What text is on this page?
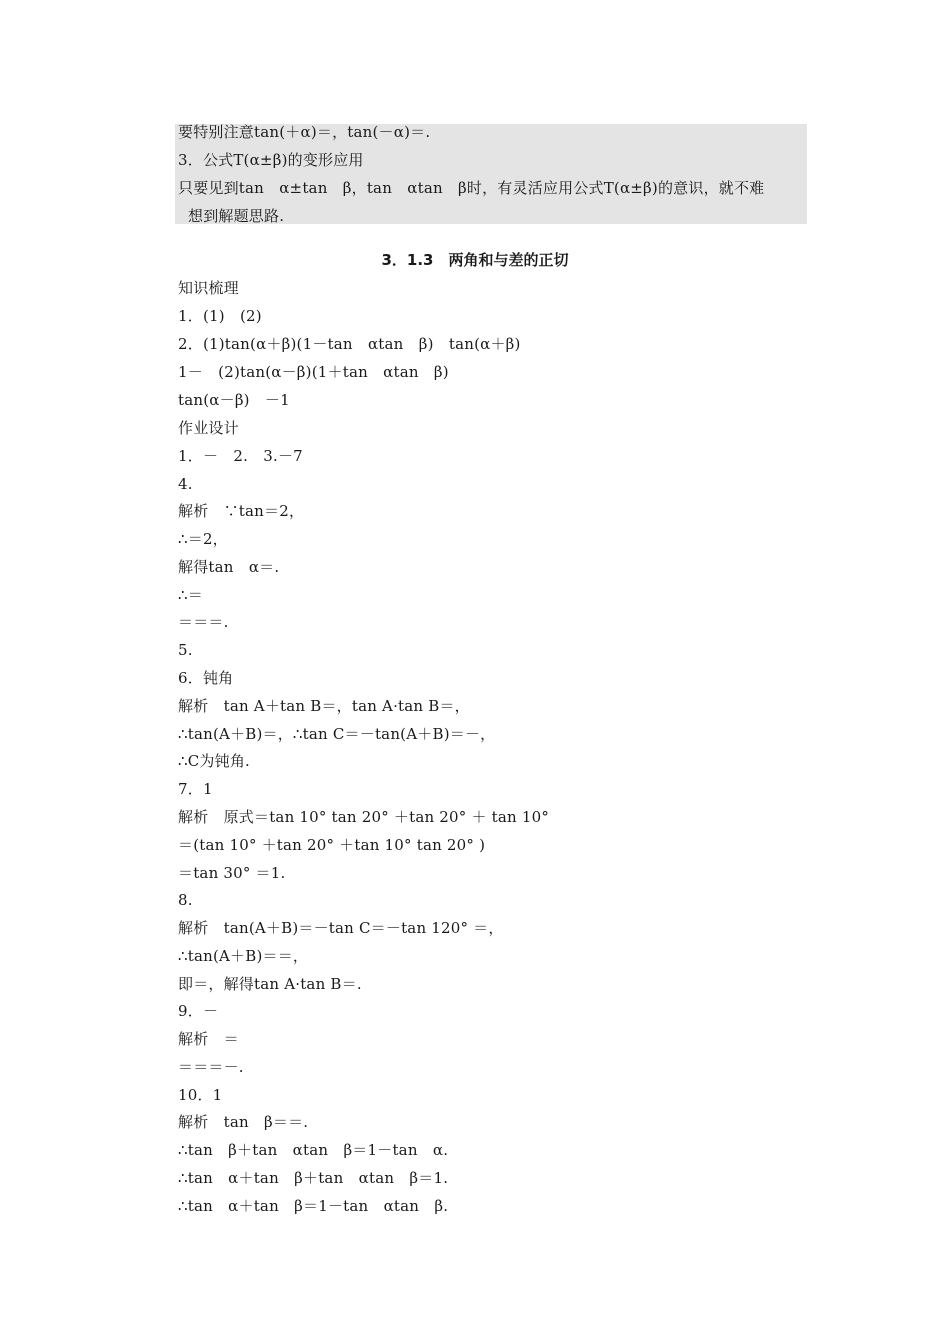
要特别注意tan(＋α)＝，tan(－α)＝.
3．公式T(α±β)的变形应用
只要见到tan　α±tan　β，tan　αtan　β时，有灵活应用公式T(α±β)的意识，就不难
想到解题思路.
3．1.3　两角和与差的正切
知识梳理
1．(1)　(2)
2．(1)tan(α＋β)(1－tan　αtan　β)　tan(α＋β)
1－　(2)tan(α－β)(1＋tan　αtan　β)
tan(α－β)　－1
作业设计
1．－　2.　3.－7
4.
解析　∵tan＝2，
∴＝2，
解得tan　α＝.
∴＝
＝＝＝.
5.
6．钝角
解析　tan A＋tan B＝，tan A·tan B＝，
∴tan(A＋B)＝，∴tan C＝－tan(A＋B)＝－，
∴C为钝角.
7．1
解析　原式＝tan 10° tan 20° ＋tan 20° ＋ tan 10°
＝(tan 10° ＋tan 20° ＋tan 10° tan 20° )
＝tan 30° ＝1.
8.
解析　tan(A＋B)＝－tan C＝－tan 120° ＝，
∴tan(A＋B)＝＝，
即＝，解得tan A·tan B＝.
9．－
解析　＝
＝＝＝－.
10．1
解析　tan　β＝＝.
∴tan　β＋tan　αtan　β＝1－tan　α.
∴tan　α＋tan　β＋tan　αtan　β＝1.
∴tan　α＋tan　β＝1－tan　αtan　β.
